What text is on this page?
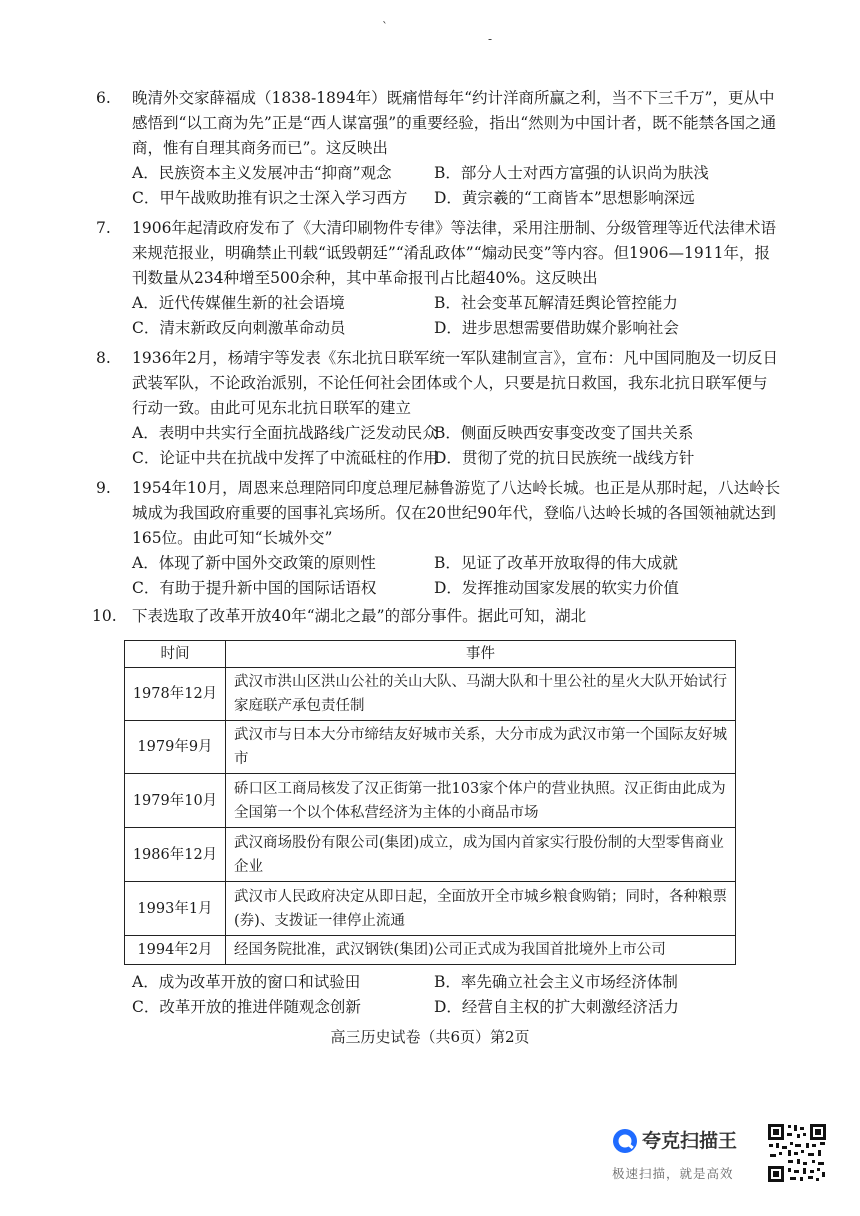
`
-
6.	晚清外交家薛福成（1838-1894年）既痛惜每年“约计洋商所赢之利，当不下三千万”，更从中感悟到“以工商为先”正是“西人谋富强”的重要经验，指出“然则为中国计者，既不能禁各国之通商，惟有自理其商务而已”。这反映出
A．民族资本主义发展冲击“抑商”观念	B．部分人士对西方富强的认识尚为肤浅
C．甲午战败助推有识之士深入学习西方	D．黄宗羲的“工商皆本”思想影响深远
7.	1906年起清政府发布了《大清印刷物件专律》等法律，采用注册制、分级管理等近代法律术语来规范报业，明确禁止刊载“诋毁朝廷”“淆乱政体”“煽动民变”等内容。但1906—1911年，报刊数量从234种增至500余种，其中革命报刊占比超40%。这反映出
A．近代传媒催生新的社会语境	B．社会变革瓦解清廷舆论管控能力
C．清末新政反向刺激革命动员	D．进步思想需要借助媒介影响社会
8.	1936年2月，杨靖宇等发表《东北抗日联军统一军队建制宣言》，宣布：凡中国同胞及一切反日武装军队，不论政治派别，不论任何社会团体或个人，只要是抗日救国，我东北抗日联军便与行动一致。由此可见东北抗日联军的建立
A．表明中共实行全面抗战路线广泛发动民众
B．侧面反映西安事变改变了国共关系
C．论证中共在抗战中发挥了中流砥柱的作用
D．贯彻了党的抗日民族统一战线方针
9.	1954年10月，周恩来总理陪同印度总理尼赫鲁游览了八达岭长城。也正是从那时起，八达岭长城成为我国政府重要的国事礼宾场所。仅在20世纪90年代，登临八达岭长城的各国领袖就达到165位。由此可知“长城外交”
A．体现了新中国外交政策的原则性	B．见证了改革开放取得的伟大成就
C．有助于提升新中国的国际话语权	D．发挥推动国家发展的软实力价值
10. 下表选取了改革开放40年“湖北之最”的部分事件。据此可知，湖北
时间	事件
1978年12月	武汉市洪山区洪山公社的关山大队、马湖大队和十里公社的星火大队开始试行家庭联产承包责任制
1979年9月	武汉市与日本大分市缔结友好城市关系，大分市成为武汉市第一个国际友好城市
1979年10月	硚口区工商局核发了汉正街第一批103家个体户的营业执照。汉正街由此成为全国第一个以个体私营经济为主体的小商品市场
1986年12月	武汉商场股份有限公司(集团)成立，成为国内首家实行股份制的大型零售商业企业
1993年1月	武汉市人民政府决定从即日起，全面放开全市城乡粮食购销；同时，各种粮票(券)、支拨证一律停止流通
1994年2月	经国务院批准，武汉钢铁(集团)公司正式成为我国首批境外上市公司
A．成为改革开放的窗口和试验田	B．率先确立社会主义市场经济体制
C．改革开放的推进伴随观念创新	D．经营自主权的扩大刺激经济活力
高三历史试卷（共6页）第2页
夸克扫描王
极速扫描，就是高效
